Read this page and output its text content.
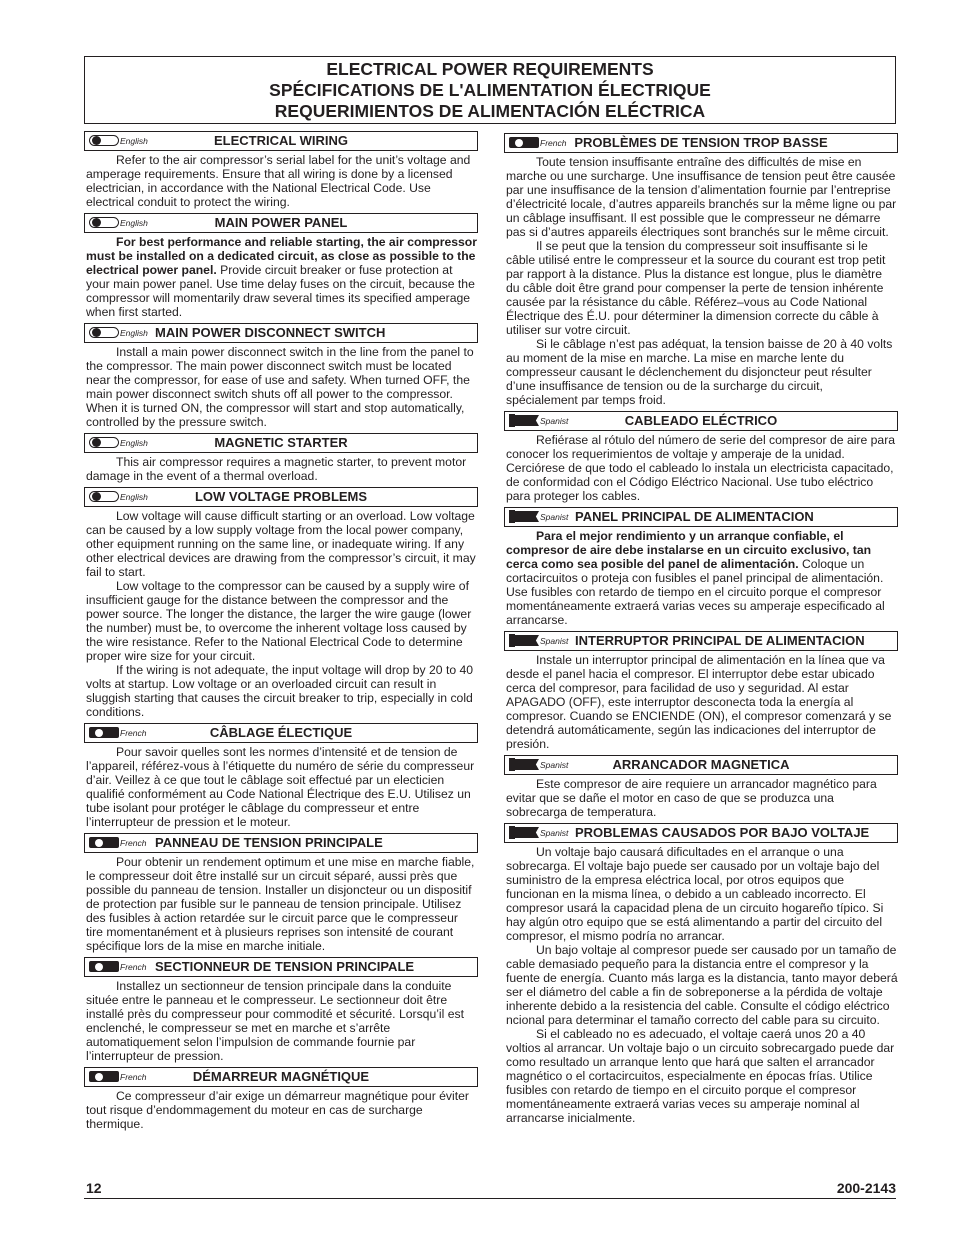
ELECTRICAL POWER REQUIREMENTS
SPÉCIFICATIONS DE L'ALIMENTATION ÉLECTRIQUE
REQUERIMIENTOS DE ALIMENTACIÓN ELÉCTRICA
English	ELECTRICAL WIRING

Refer to the air compressor’s serial label for the unit’s voltage and amperage requirements. Ensure that all wiring is done by a licensed electrician, in accordance with the National Electrical Code. Use electrical conduit to protect the wiring.

English	MAIN POWER PANEL

For best performance and reliable starting, the air compressor must be installed on a dedicated circuit, as close as possible to the electrical power panel. Provide circuit breaker or fuse protection at your main power panel. Use time delay fuses on the circuit, because the compressor will momentarily draw several times its specified amperage when first started.

English MAIN POWER DISCONNECT SWITCH

Install a main power disconnect switch in the line from the panel to the compressor. The main power disconnect switch must be located near the compressor, for ease of use and safety. When turned OFF, the main power disconnect switch shuts off all power to the compressor. When it is turned ON, the compressor will start and stop automatically, controlled by the pressure switch.

English	MAGNETIC STARTER

This air compressor requires a magnetic starter, to prevent motor damage in the event of a thermal overload.

English	LOW VOLTAGE PROBLEMS

Low voltage will cause difficult starting or an overload. Low voltage can be caused by a low supply voltage from the local power company, other equipment running on the same line, or inadequate wiring. If any other electrical devices are drawing from the compressor’s circuit, it may fail to start.

Low voltage to the compressor can be caused by a supply wire of insufficient gauge for the distance between the compressor and the power source. The longer the distance, the larger the wire gauge (lower the number) must be, to overcome the inherent voltage loss caused by the wire resistance. Refer to the National Electrical Code to determine proper wire size for your circuit.

If the wiring is not adequate, the input voltage will drop by 20 to 40 volts at startup. Low voltage or an overloaded circuit can result in sluggish starting that causes the circuit breaker to trip, especially in cold conditions.

French	CÂBLAGE ÉLECTIQUE

Pour savoir quelles sont les normes d’intensité et de tension de l’appareil, référez-vous à l’étiquette du numéro de série du compresseur d’air. Veillez à ce que tout le câblage soit effectué par un electicien qualifié conformément au Code National Électrique des E.U. Utilisez un tube isolant pour protéger le câblage du compresseur et entre l’interrupteur de pression et le moteur.

French PANNEAU DE TENSION PRINCIPALE

Pour obtenir un rendement optimum et une mise en marche fiable, le compresseur doit être installé sur un circuit séparé, aussi près que possible du panneau de tension. Installer un disjoncteur ou un dispositif de protection par fusible sur le panneau de tension principale. Utilisez des fusibles à action retardée sur le circuit parce que le compresseur tire momentanément et à plusieurs reprises son intensité de courant spécifique lors de la mise en marche initiale.

French SECTIONNEUR DE TENSION PRINCIPALE

Installez un sectionneur de tension principale dans la conduite située entre le panneau et le compresseur. Le sectionneur doit être installé près du compresseur pour commodité et sécurité. Lorsqu’il est enclenché, le compresseur se met en marche et s’arrête automatiquement selon l’impulsion de commande fournie par l’interrupteur de pression.

French	DÉMARREUR MAGNÉTIQUE

Ce compresseur d’air exige un démarreur magnétique pour éviter tout risque d’endommagement du moteur en cas de surcharge thermique.

French PROBLÈMES DE TENSION TROP BASSE

Toute tension insuffisante entraîne des difficultés de mise en marche ou une surcharge. Une insuffisance de tension peut être causée par une insuffisance de la tension d’alimentation fournie par l’entreprise d’électricité locale, d’autres appareils branchés sur la même ligne ou par un câblage insuffisant. Il est possible que le compresseur ne démarre pas si d’autres appareils électriques sont branchés sur le même circuit.

Il se peut que la tension du compresseur soit insuffisante si le câble utilisé entre le compresseur et la source du courant est trop petit par rapport à la distance. Plus la distance est longue, plus le diamètre du câble doit être grand pour compenser la perte de tension inhérente causée par la résistance du câble. Référez–vous au Code National Électrique des É.U. pour déterminer la dimension correcte du câble à utiliser sur votre circuit.

Si le câblage n’est pas adéquat, la tension baisse de 20 à 40 volts au moment de la mise en marche. La mise en marche lente du compresseur causant le déclenchement du disjoncteur peut résulter d’une insuffisance de tension ou de la surcharge du circuit, spécialement par temps froid.

Spanist	CABLEADO ELÉCTRICO

Refiérase al rótulo del número de serie del compresor de aire para conocer los requerimientos de voltaje y amperaje de la unidad. Cerciórese de que todo el cableado lo instala un electricista capacitado, de conformidad con el Código Eléctrico Nacional. Use tubo eléctrico para proteger los cables.

Spanist PANEL PRINCIPAL DE ALIMENTACION

Para el mejor rendimiento y un arranque confiable, el compresor de aire debe instalarse en un circuito exclusivo, tan cerca como sea posible del panel de alimentación. Coloque un cortacircuitos o proteja con fusibles el panel principal de alimentación. Use fusibles con retardo de tiempo en el circuito porque el compresor momentáneamente extraerá varias veces su amperaje especificado al arrancarse.

Spanist INTERRUPTOR PRINCIPAL DE ALIMENTACION

Instale un interruptor principal de alimentación en la línea que va desde el panel hacia el compresor. El interruptor debe estar ubicado cerca del compresor, para facilidad de uso y seguridad. Al estar APAGADO (OFF), este interruptor desconecta toda la energía al compresor. Cuando se ENCIENDE (ON), el compresor comenzará y se detendrá automáticamente, según las indicaciones del interruptor de presión.

Spanist	ARRANCADOR MAGNETICA

Este compresor de aire requiere un arrancador magnético para evitar que se dañe el motor en caso de que se produzca una sobrecarga de temperatura.

Spanist PROBLEMAS CAUSADOS POR BAJO VOLTAJE

Un voltaje bajo causará dificultades en el arranque o una sobrecarga. El voltaje bajo puede ser causado por un voltaje bajo del suministro de la empresa eléctrica local, por otros equipos que funcionan en la misma línea, o debido a un cableado incorrecto. El compresor usará la capacidad plena de un circuito hogareño típico. Si hay algún otro equipo que se está alimentando a partir del circuito del compresor, el mismo podría no arrancar.

Un bajo voltaje al compresor puede ser causado por un tamaño de cable demasiado pequeño para la distancia entre el compresor y la fuente de energía. Cuanto más larga es la distancia, tanto mayor deberá ser el diámetro del cable a fin de sobreponerse a la pérdida de voltaje inherente debido a la resistencia del cable. Consulte el código eléctrico ncional para determinar el tamaño correcto del cable para su circuito.

Si el cableado no es adecuado, el voltaje caerá unos 20 a 40 voltios al arrancar. Un voltaje bajo o un circuito sobrecargado puede dar como resultado un arranque lento que hará que salten el arrancador magnético o el cortacircuitos, especialmente en épocas frías. Utilice fusibles con retardo de tiempo en el circuito porque el compresor momentáneamente extraerá varias veces su amperaje nominal al arrancarse inicialmente.

12	200-2143
